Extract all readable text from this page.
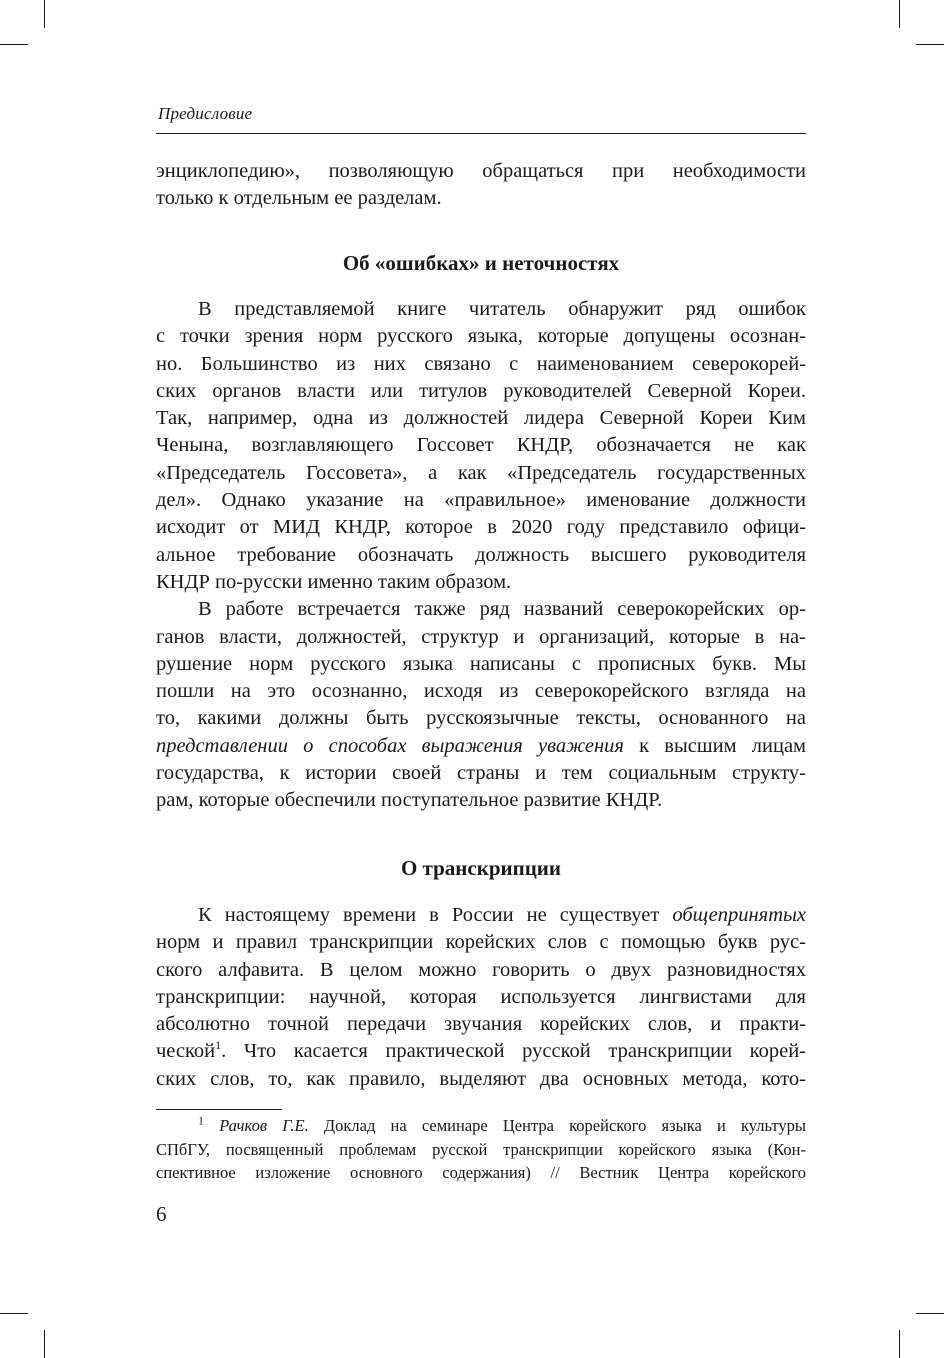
Предисловие
энциклопедию», позволяющую обращаться при необходимости
только к отдельным ее разделам.
Об «ошибках» и неточностях
В представляемой книге читатель обнаружит ряд ошибок
с точки зрения норм русского языка, которые допущены осознан-
но. Большинство из них связано с наименованием северокорей-
ских органов власти или титулов руководителей Северной Кореи.
Так, например, одна из должностей лидера Северной Кореи Ким
Ченына, возглавляющего Госсовет КНДР, обозначается не как
«Председатель Госсовета», а как «Председатель государственных
дел». Однако указание на «правильное» именование должности
исходит от МИД КНДР, которое в 2020 году представило офици-
альное требование обозначать должность высшего руководителя
КНДР по-русски именно таким образом.
В работе встречается также ряд названий северокорейских ор-
ганов власти, должностей, структур и организаций, которые в на-
рушение норм русского языка написаны с прописных букв. Мы
пошли на это осознанно, исходя из северокорейского взгляда на
то, какими должны быть русскоязычные тексты, основанного на
представлении о способах выражения уважения к высшим лицам
государства, к истории своей страны и тем социальным структу-
рам, которые обеспечили поступательное развитие КНДР.
О транскрипции
К настоящему времени в России не существует общепринятых
норм и правил транскрипции корейских слов с помощью букв рус-
ского алфавита. В целом можно говорить о двух разновидностях
транскрипции: научной, которая используется лингвистами для
абсолютно точной передачи звучания корейских слов, и практи-
ческой$^1$. Что касается практической русской транскрипции корей-
ских слов, то, как правило, выделяют два основных метода, кото-
$^1$ Рачков Г.Е. Доклад на семинаре Центра корейского языка и культуры
СПбГУ, посвященный проблемам русской транскрипции корейского языка (Кон-
спективное изложение основного содержания) // Вестник Центра корейского
6
